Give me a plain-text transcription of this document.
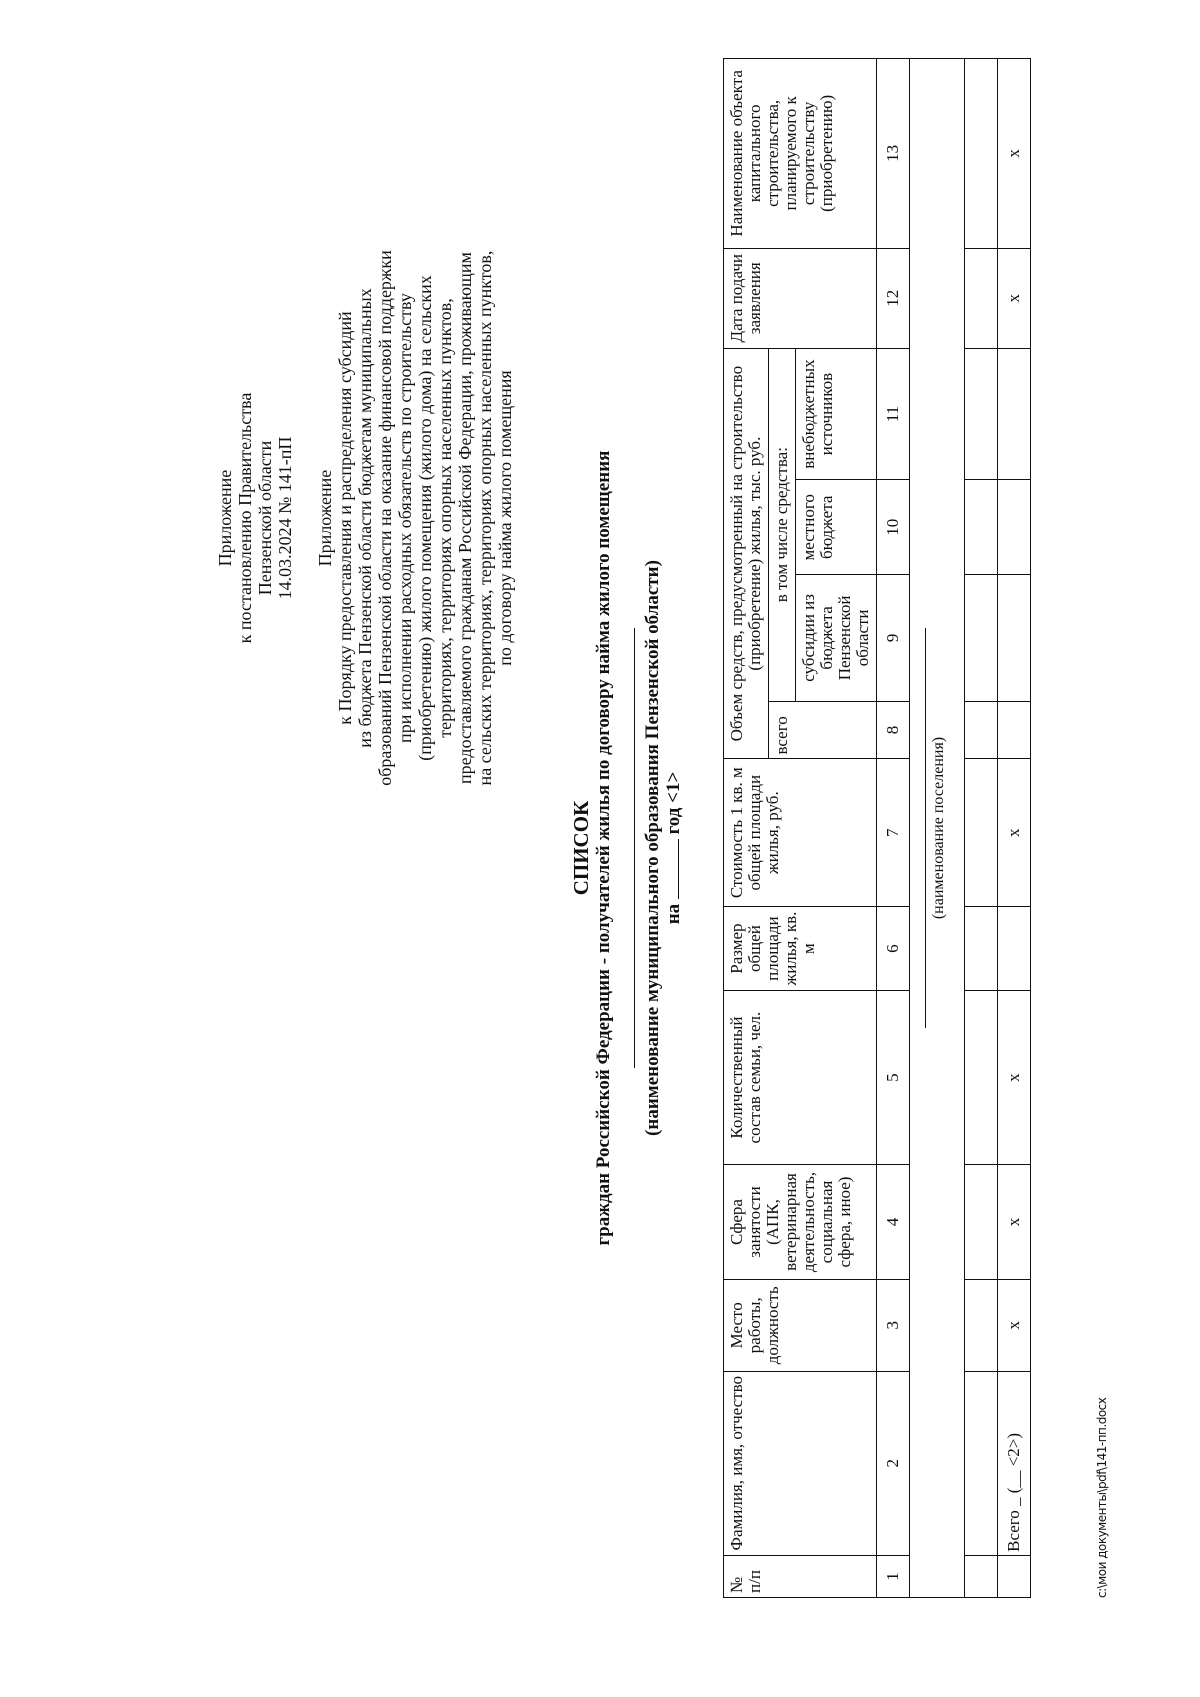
Приложение к постановлению Правительства Пензенской области 14.03.2024 № 141-пП Приложение к Порядку предоставления и распределения субсидий из бюджета Пензенской области бюджетам муниципальных образований Пензенской области на оказание финансовой поддержки при исполнении расходных обязательств по строительству (приобретению) жилого помещения (жилого дома) на сельских территориях, территориях опорных населенных пунктов, предоставляемого гражданам Российской Федерации, проживающим на сельских территориях, территориях опорных населенных пунктов, по договору найма жилого помещения
СПИСОК граждан Российской Федерации - получателей жилья по договору найма жилого помещения (наименование муниципального образования Пензенской области) на  год <1>
№ п/п	Фамилия, имя, отчество	Место работы, должность	Сфера занятости (АПК, ветеринарная деятельность, социальная сфера, иное)	Количественный состав семьи, чел.	Размер общей площади жилья, кв. м	Стоимость 1 кв. м общей площади жилья, руб.	Объем средств, предусмотренный на строительство (приобретение) жилья, тыс. руб.				Дата подачи заявления	Наименование объекта капитального строительства, планируемого к строительству (приобретению)
							всего	в том числе средства:				
								субсидии из бюджета Пензенской области	местного бюджета	внебюджетных источников		
1	2	3	4	5	6	7	8	9	10	11	12	13

(наименование поселения)												

	Всего _ (__ <2>)	x	x	x		x					x	x
c:\мои документы\pdf\141-пп.docx
